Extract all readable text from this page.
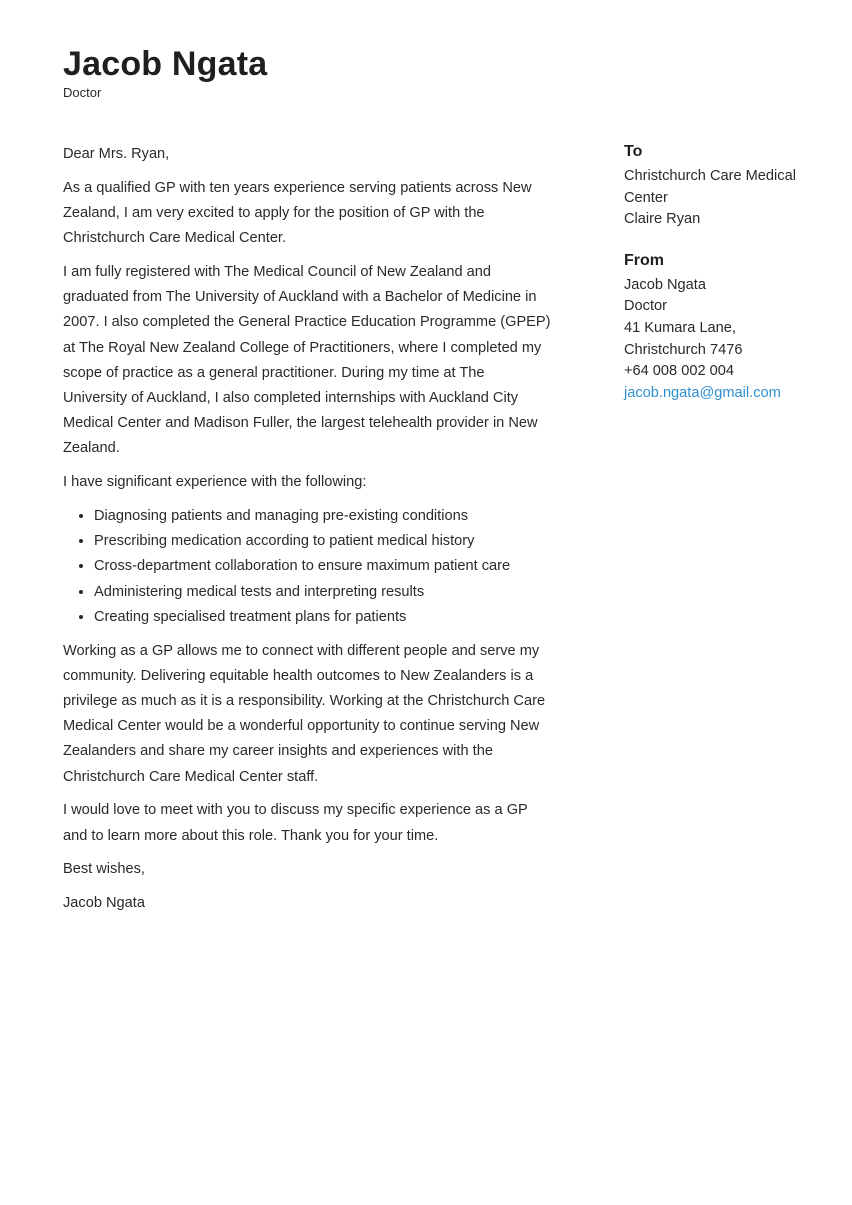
Jacob Ngata
Doctor

Dear Mrs. Ryan,

As a qualified GP with ten years experience serving patients across New Zealand, I am very excited to apply for the position of GP with the Christchurch Care Medical Center.

I am fully registered with The Medical Council of New Zealand and graduated from The University of Auckland with a Bachelor of Medicine in 2007. I also completed the General Practice Education Programme (GPEP) at The Royal New Zealand College of Practitioners, where I completed my scope of practice as a general practitioner. During my time at The University of Auckland, I also completed internships with Auckland City Medical Center and Madison Fuller, the largest telehealth provider in New Zealand.

I have significant experience with the following:

• Diagnosing patients and managing pre-existing conditions
• Prescribing medication according to patient medical history
• Cross-department collaboration to ensure maximum patient care
• Administering medical tests and interpreting results
• Creating specialised treatment plans for patients

Working as a GP allows me to connect with different people and serve my community. Delivering equitable health outcomes to New Zealanders is a privilege as much as it is a responsibility. Working at the Christchurch Care Medical Center would be a wonderful opportunity to continue serving New Zealanders and share my career insights and experiences with the Christchurch Care Medical Center staff.

I would love to meet with you to discuss my specific experience as a GP and to learn more about this role. Thank you for your time.

Best wishes,

Jacob Ngata

To
Christchurch Care Medical Center
Claire Ryan
From
Jacob Ngata
Doctor
41 Kumara Lane,
Christchurch 7476
+64 008 002 004
jacob.ngata@gmail.com
